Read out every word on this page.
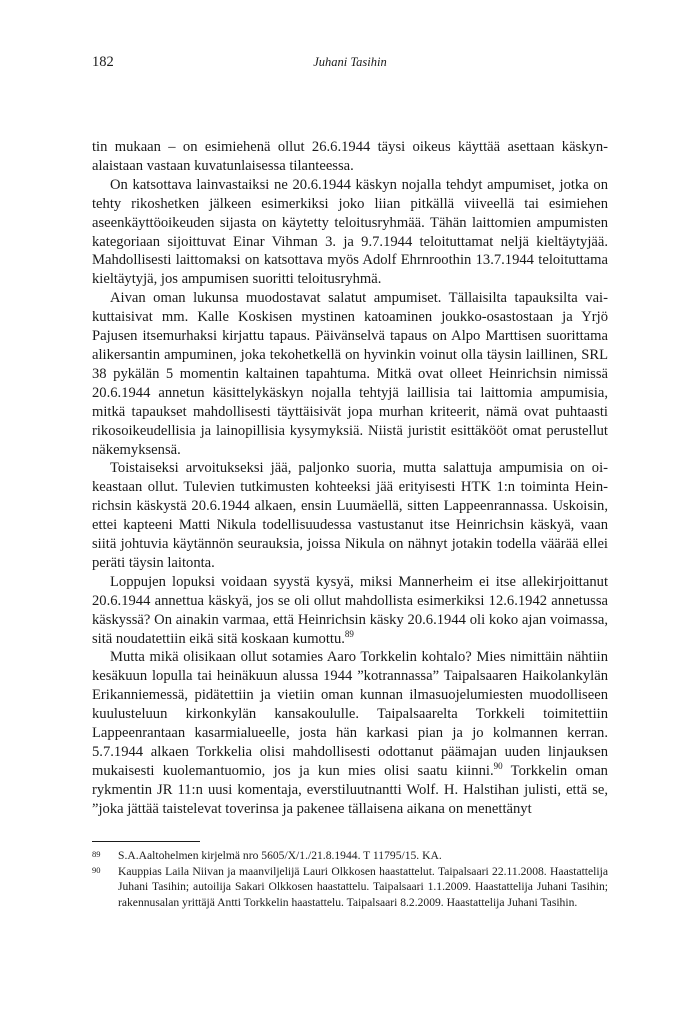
182	Juhani Tasihin

tin mukaan – on esimiehenä ollut 26.6.1944 täysi oikeus käyttää asettaan käskynalaistaan vastaan kuvatunlaisessa tilanteessa.

On katsottava lainvastaiksi ne 20.6.1944 käskyn nojalla tehdyt ampumiset, jotka on tehty rikoshetken jälkeen esimerkiksi joko liian pitkällä viiveellä tai esimiehen aseenkäyttöoikeuden sijasta on käytetty teloitusryhmää. Tähän laittomien ampumisten kategoriaan sijoittuvat Einar Vihman 3. ja 9.7.1944 teloituttamat neljä kieltäytyjää. Mahdollisesti laittomaksi on katsottava myös Adolf Ehrnroothin 13.7.1944 teloituttama kieltäytyjä, jos ampumisen suoritti teloitusryhmä.

Aivan oman lukunsa muodostavat salatut ampumiset. Tällaisilta tapauksilta vaikuttaisivat mm. Kalle Koskisen mystinen katoaminen joukko-osastostaan ja Yrjö Pajusen itsemurhaksi kirjattu tapaus. Päivänselvä tapaus on Alpo Marttisen suorittama alikersantin ampuminen, joka tekohetkellä on hyvinkin voinut olla täysin laillinen, SRL 38 pykälän 5 momentin kaltainen tapahtuma. Mitkä ovat olleet Heinrichsin nimissä 20.6.1944 annetun käsittelykäskyn nojalla tehtyjä laillisia tai laittomia ampumisia, mitkä tapaukset mahdollisesti täyttäisivät jopa murhan kriteerit, nämä ovat puhtaasti rikosoikeudellisia ja lainopillisia kysymyksiä. Niistä juristit esittäkööt omat perustellut näkemyksensä.

Toistaiseksi arvoitukseksi jää, paljonko suoria, mutta salattuja ampumisia on oikeastaan ollut. Tulevien tutkimusten kohteeksi jää erityisesti HTK 1:n toiminta Heinrichsin käskystä 20.6.1944 alkaen, ensin Luumäellä, sitten Lappeenrannassa. Uskoisin, ettei kapteeni Matti Nikula todellisuudessa vastustanut itse Heinrichsin käskyä, vaan siitä johtuvia käytännön seurauksia, joissa Nikula on nähnyt jotakin todella väärää ellei peräti täysin laitonta.

Loppujen lopuksi voidaan syystä kysyä, miksi Mannerheim ei itse allekirjoittanut 20.6.1944 annettua käskyä, jos se oli ollut mahdollista esimerkiksi 12.6.1942 annetussa käskyssä? On ainakin varmaa, että Heinrichsin käsky 20.6.1944 oli koko ajan voimassa, sitä noudatettiin eikä sitä koskaan kumottu.$^{89}$

Mutta mikä olisikaan ollut sotamies Aaro Torkkelin kohtalo? Mies nimittäin nähtiin kesäkuun lopulla tai heinäkuun alussa 1944 ”kotrannassa” Taipalsaaren Haikolankylän Erikanniemessä, pidätettiin ja vietiin oman kunnan ilmasuojelumiesten muodolliseen kuulusteluun kirkonkylän kansakoululle. Taipalsaarelta Torkkeli toimitettiin Lappeenrantaan kasarmialueelle, josta hän karkasi pian ja jo kolmannen kerran. 5.7.1944 alkaen Torkkelia olisi mahdollisesti odottanut päämajan uuden linjauksen mukaisesti kuolemantuomio, jos ja kun mies olisi saatu kiinni.$^{90}$ Torkkelin oman rykmentin JR 11:n uusi komentaja, everstiluutnantti Wolf. H. Halstihan julisti, että se, ”joka jättää taistelevat toverinsa ja pakenee tällaisena aikana on menettänyt

89 S.A.Aaltohelmen kirjelmä nro 5605/X/1./21.8.1944. T 11795/15. KA.
90 Kauppias Laila Niivan ja maanviljelijä Lauri Olkkosen haastattelut. Taipalsaari 22.11.2008. Haastattelija Juhani Tasihin; autoilija Sakari Olkkosen haastattelu. Taipalsaari 1.1.2009. Haastattelija Juhani Tasihin; rakennusalan yrittäjä Antti Torkkelin haastattelu. Taipalsaari 8.2.2009. Haastattelija Juhani Tasihin.
